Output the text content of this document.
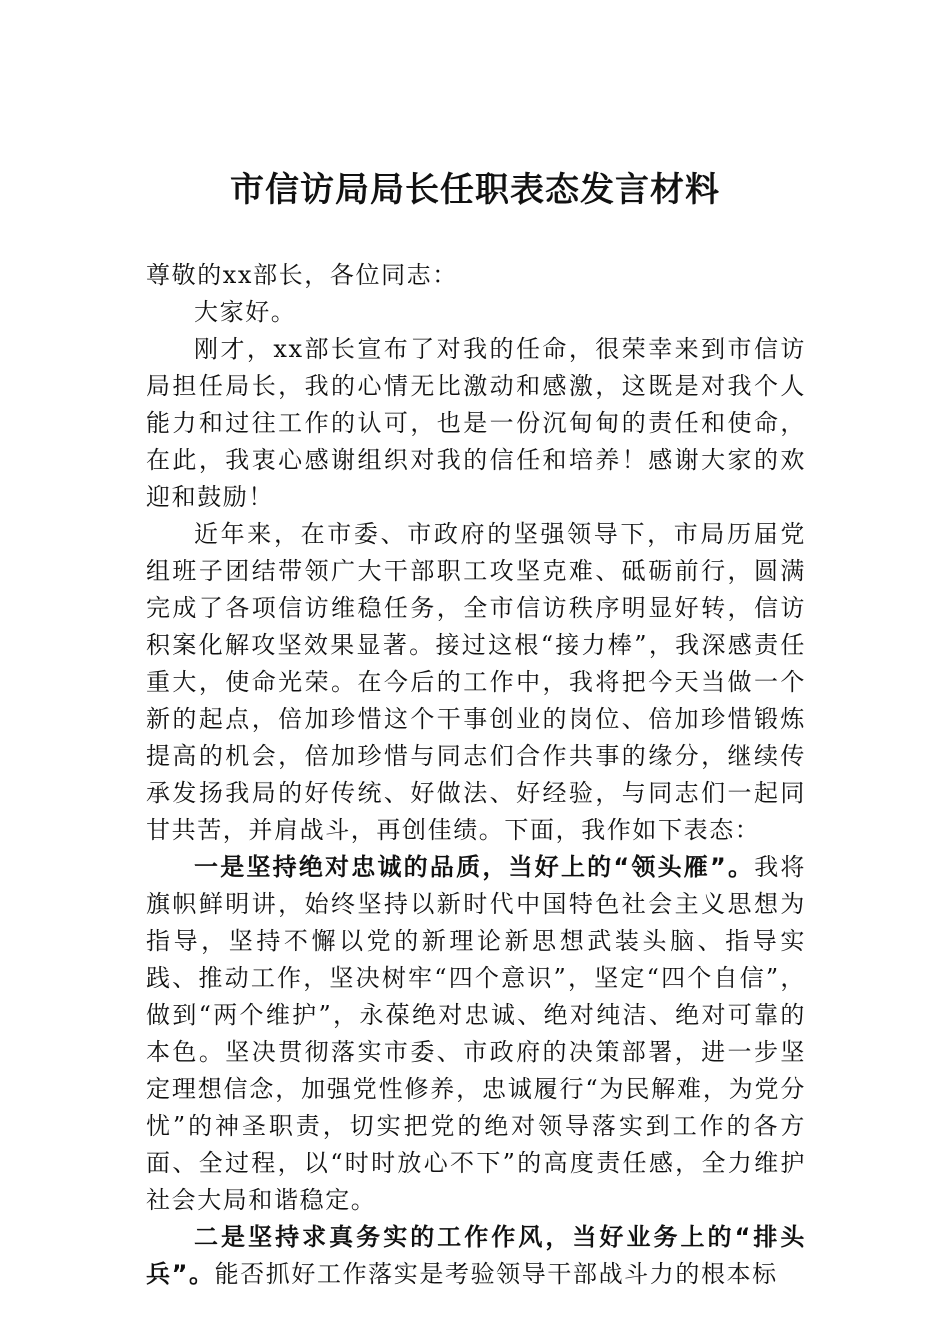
市信访局局长任职表态发言材料

尊敬的xx部长，各位同志：

大家好。

刚才，xx部长宣布了对我的任命，很荣幸来到市信访局担任局长，我的心情无比激动和感激，这既是对我个人能力和过往工作的认可，也是一份沉甸甸的责任和使命，在此，我衷心感谢组织对我的信任和培养！感谢大家的欢迎和鼓励！

近年来，在市委、市政府的坚强领导下，市局历届党组班子团结带领广大干部职工攻坚克难、砥砺前行，圆满完成了各项信访维稳任务，全市信访秩序明显好转，信访积案化解攻坚效果显著。接过这根“接力棒”，我深感责任重大，使命光荣。在今后的工作中，我将把今天当做一个新的起点，倍加珍惜这个干事创业的岗位、倍加珍惜锻炼提高的机会，倍加珍惜与同志们合作共事的缘分，继续传承发扬我局的好传统、好做法、好经验，与同志们一起同甘共苦，并肩战斗，再创佳绩。下面，我作如下表态：

一是坚持绝对忠诚的品质，当好上的“领头雁”。我将旗帜鲜明讲，始终坚持以新时代中国特色社会主义思想为指导，坚持不懈以党的新理论新思想武装头脑、指导实践、推动工作，坚决树牢“四个意识”，坚定“四个自信”，做到“两个维护”，永葆绝对忠诚、绝对纯洁、绝对可靠的本色。坚决贯彻落实市委、市政府的决策部署，进一步坚定理想信念，加强党性修养，忠诚履行“为民解难，为党分忧”的神圣职责，切实把党的绝对领导落实到工作的各方面、全过程，以“时时放心不下”的高度责任感，全力维护社会大局和谐稳定。

二是坚持求真务实的工作作风，当好业务上的“排头兵”。能否抓好工作落实是考验领导干部战斗力的根本标
